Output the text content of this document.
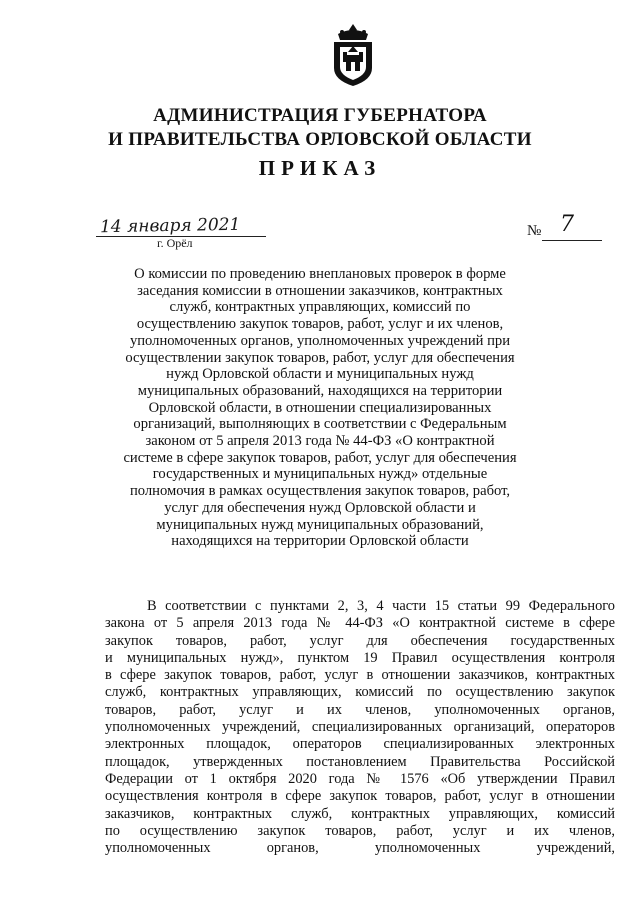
АДМИНИСТРАЦИЯ ГУБЕРНАТОРА
И ПРАВИТЕЛЬСТВА ОРЛОВСКОЙ ОБЛАСТИ
ПРИКАЗ
14 января 2021
г. Орёл
№ 7
О комиссии по проведению внеплановых проверок в форме
заседания комиссии в отношении заказчиков, контрактных
служб, контрактных управляющих, комиссий по
осуществлению закупок товаров, работ, услуг и их членов,
уполномоченных органов, уполномоченных учреждений при
осуществлении закупок товаров, работ, услуг для обеспечения
нужд Орловской области и муниципальных нужд
муниципальных образований, находящихся на территории
Орловской области, в отношении специализированных
организаций, выполняющих в соответствии с Федеральным
законом от 5 апреля 2013 года № 44-ФЗ «О контрактной
системе в сфере закупок товаров, работ, услуг для обеспечения
государственных и муниципальных нужд» отдельные
полномочия в рамках осуществления закупок товаров, работ,
услуг для обеспечения нужд Орловской области и
муниципальных нужд муниципальных образований,
находящихся на территории Орловской области
В соответствии с пунктами 2, 3, 4 части 15 статьи 99 Федерального
закона от 5 апреля 2013 года № 44-ФЗ «О контрактной системе в сфере
закупок товаров, работ, услуг для обеспечения государственных
и муниципальных нужд», пунктом 19 Правил осуществления контроля
в сфере закупок товаров, работ, услуг в отношении заказчиков, контрактных
служб, контрактных управляющих, комиссий по осуществлению закупок
товаров, работ, услуг и их членов, уполномоченных органов,
уполномоченных учреждений, специализированных организаций, операторов
электронных площадок, операторов специализированных электронных
площадок, утвержденных постановлением Правительства Российской
Федерации от 1 октября 2020 года № 1576 «Об утверждении Правил
осуществления контроля в сфере закупок товаров, работ, услуг в отношении
заказчиков, контрактных служб, контрактных управляющих, комиссий
по осуществлению закупок товаров, работ, услуг и их членов,
уполномоченных органов, уполномоченных учреждений,
